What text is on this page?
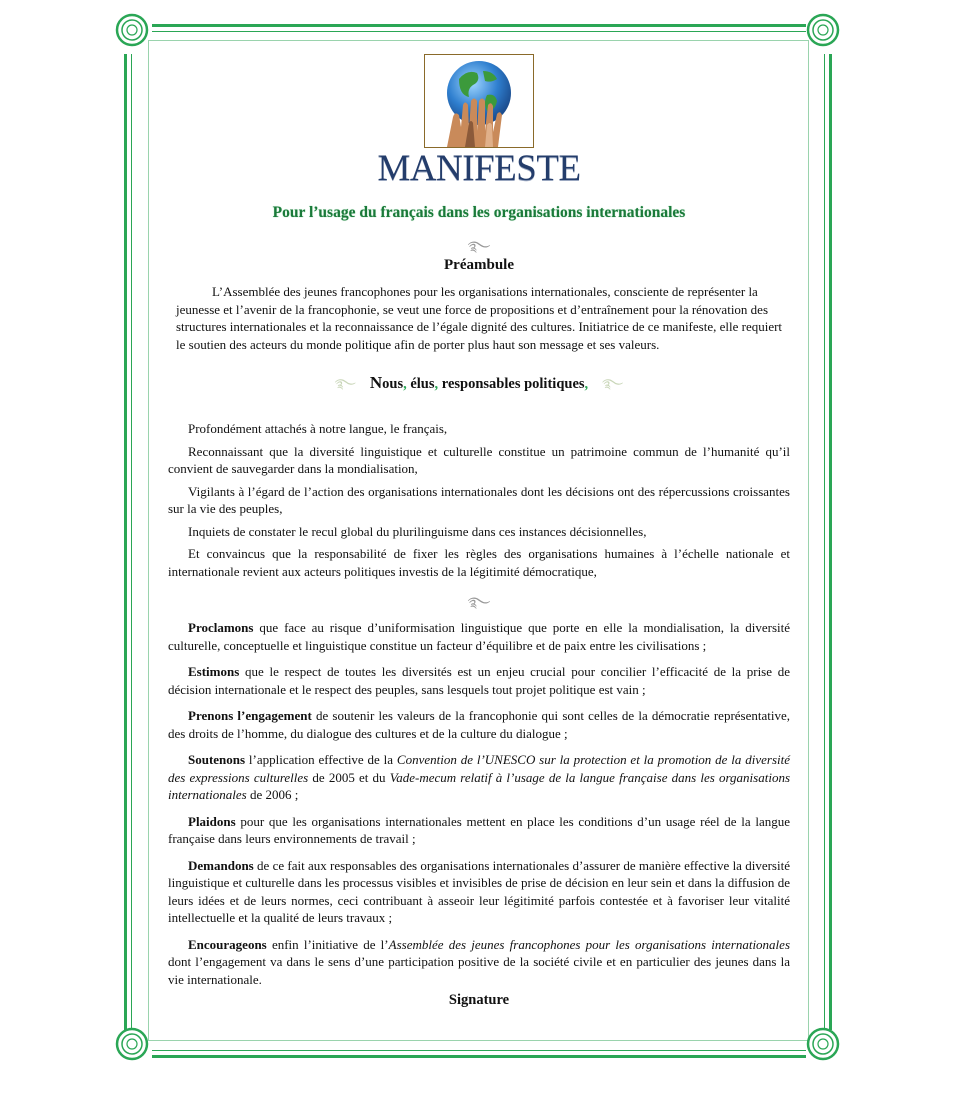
MANIFESTE
Pour l’usage du français dans les organisations internationales
࿐
Préambule
L’Assemblée des jeunes francophones pour les organisations internationales, consciente de représenter la jeunesse et l’avenir de la francophonie, se veut une force de propositions et d’entraînement pour la rénovation des structures internationales et la reconnaissance de l’égale dignité des cultures. Initiatrice de ce manifeste, elle requiert le soutien des acteurs du monde politique afin de porter plus haut son message et ses valeurs.
࿐ Nous, élus, responsables politiques, ࿐

Profondément attachés à notre langue, le français,

Reconnaissant que la diversité linguistique et culturelle constitue un patrimoine commun de l’humanité qu’il convient de sauvegarder dans la mondialisation,

Vigilants à l’égard de l’action des organisations internationales dont les décisions ont des répercussions croissantes sur la vie des peuples,

Inquiets de constater le recul global du plurilinguisme dans ces instances décisionnelles,

Et convaincus que la responsabilité de fixer les règles des organisations humaines à l’échelle nationale et internationale revient aux acteurs politiques investis de la légitimité démocratique,

࿐

Proclamons que face au risque d’uniformisation linguistique que porte en elle la mondialisation, la diversité culturelle, conceptuelle et linguistique constitue un facteur d’équilibre et de paix entre les civilisations ;

Estimons que le respect de toutes les diversités est un enjeu crucial pour concilier l’efficacité de la prise de décision internationale et le respect des peuples, sans lesquels tout projet politique est vain ;

Prenons l’engagement de soutenir les valeurs de la francophonie qui sont celles de la démocratie représentative, des droits de l’homme, du dialogue des cultures et de la culture du dialogue ;

Soutenons l’application effective de la Convention de l’UNESCO sur la protection et la promotion de la diversité des expressions culturelles de 2005 et du Vade-mecum relatif à l’usage de la langue française dans les organisations internationales de 2006 ;

Plaidons pour que les organisations internationales mettent en place les conditions d’un usage réel de la langue française dans leurs environnements de travail ;

Demandons de ce fait aux responsables des organisations internationales d’assurer de manière effective la diversité linguistique et culturelle dans les processus visibles et invisibles de prise de décision en leur sein et dans la diffusion de leurs idées et de leurs normes, ceci contribuant à asseoir leur légitimité parfois contestée et à favoriser leur vitalité intellectuelle et la qualité de leurs travaux ;

Encourageons enfin l’initiative de l’Assemblée des jeunes francophones pour les organisations internationales dont l’engagement va dans le sens d’une participation positive de la société civile et en particulier des jeunes dans la vie internationale.

Signature
